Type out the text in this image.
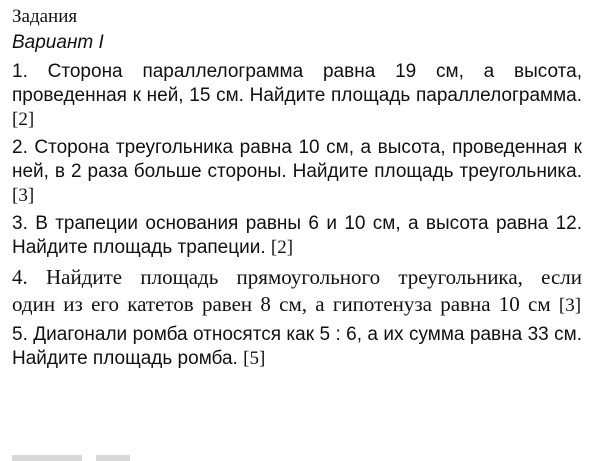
Задания
Вариант I

1. Сторона параллелограмма равна 19 см, а высота, проведенная к ней, 15 см. Найдите площадь параллелограмма. [2]

2. Сторона треугольника равна 10 см, а высота, проведенная к ней, в 2 раза больше стороны. Найдите площадь треугольника. [3]

3. В трапеции основания равны 6 и 10 см, а высота равна 12. Найдите площадь трапеции. [2]

4. Найдите площадь прямоугольного треугольника, если один из его катетов равен 8 см, а гипотенуза равна 10 см [3]

5. Диагонали ромба относятся как 5 : 6, а их сумма равна 33 см. Найдите площадь ромба. [5]
